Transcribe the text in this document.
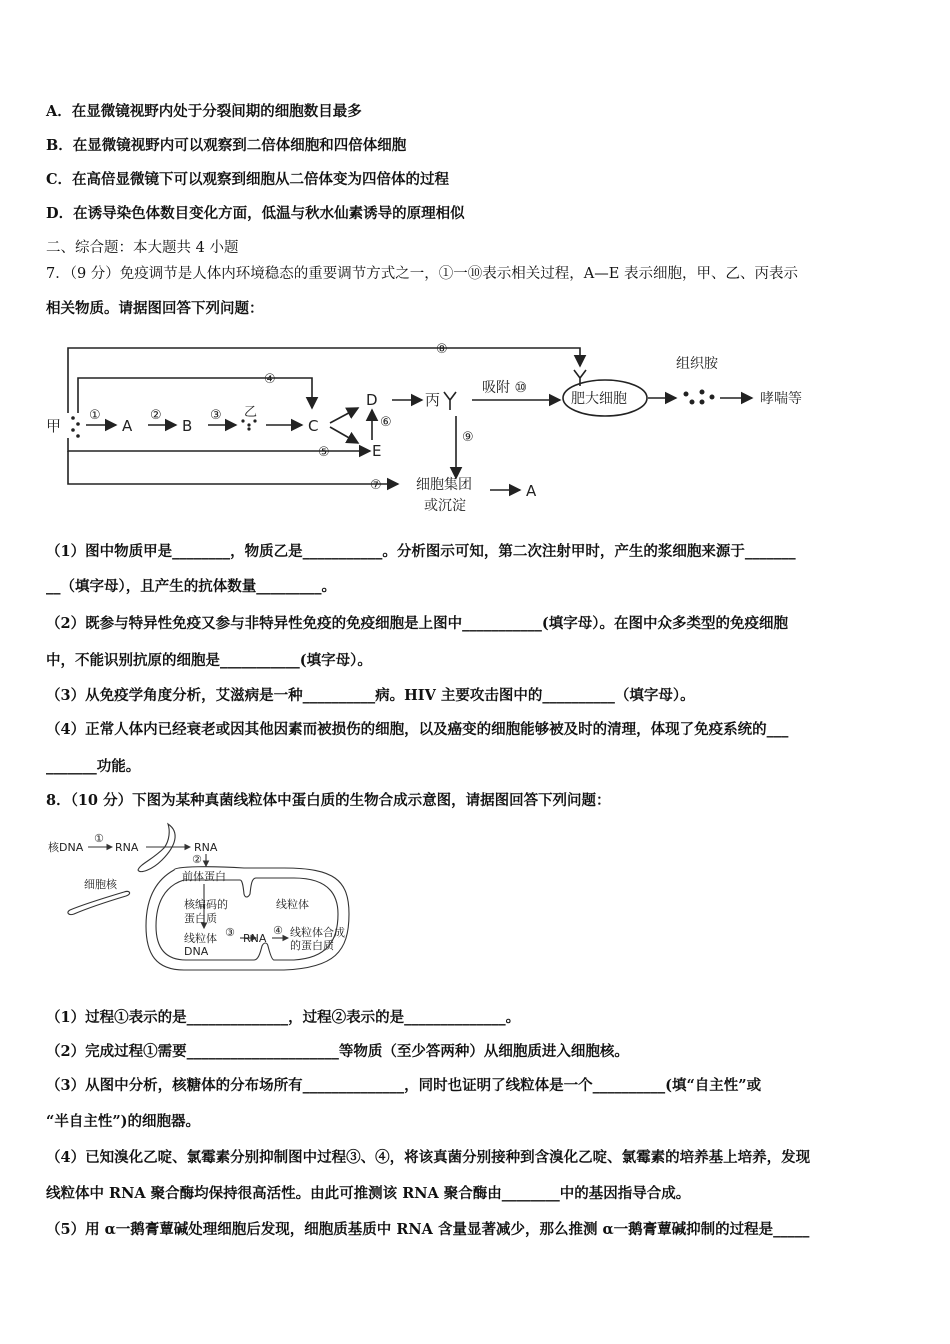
A．在显微镜视野内处于分裂间期的细胞数目最多
B．在显微镜视野内可以观察到二倍体细胞和四倍体细胞
C．在高倍显微镜下可以观察到细胞从二倍体变为四倍体的过程
D．在诱导染色体数目变化方面，低温与秋水仙素诱导的原理相似
二、综合题：本大题共 4 小题
7．（9 分）免疫调节是人体内环境稳态的重要调节方式之一，①一⑩表示相关过程，A—E 表示细胞，甲、乙、丙表示
相关物质。请据图回答下列问题：
甲	A	B
乙
C
D
E
丙
①	②	③
④
⑤
⑥
⑦
⑧
⑨
吸附 ⑩
肥大细胞
组织胺
哮喘等
细胞集团
或沉淀
A
（1）图中物质甲是________，物质乙是___________。分析图示可知，第二次注射甲时，产生的浆细胞来源于_______
__（填字母），且产生的抗体数量_________。
（2）既参与特异性免疫又参与非特异性免疫的免疫细胞是上图中___________(填字母）。在图中众多类型的免疫细胞
中，不能识别抗原的细胞是___________(填字母）。
（3）从免疫学角度分析，艾滋病是一种__________病。HIV 主要攻击图中的__________（填字母）。
（4）正常人体内已经衰老或因其他因素而被损伤的细胞，以及癌变的细胞能够被及时的清理，体现了免疫系统的___
_______功能。
8．（10 分）下图为某种真菌线粒体中蛋白质的生物合成示意图，请据图回答下列问题：
核DNA
①
RNA	RNA
②
前体蛋白
细胞核
线粒体
核编码的
蛋白质
线粒体
DNA
③ RNA
④ 线粒体合成
的蛋白质
（1）过程①表示的是______________，过程②表示的是______________。
（2）完成过程①需要_____________________等物质（至少答两种）从细胞质进入细胞核。
（3）从图中分析，核糖体的分布场所有______________，同时也证明了线粒体是一个__________(填“自主性”或
“半自主性”)的细胞器。
（4）已知溴化乙啶、氯霉素分别抑制图中过程③、④，将该真菌分别接种到含溴化乙啶、氯霉素的培养基上培养，发现
线粒体中 RNA 聚合酶均保持很高活性。由此可推测该 RNA 聚合酶由________中的基因指导合成。
（5）用 α一鹅膏蕈碱处理细胞后发现，细胞质基质中 RNA 含量显著减少，那么推测 α一鹅膏蕈碱抑制的过程是_____
